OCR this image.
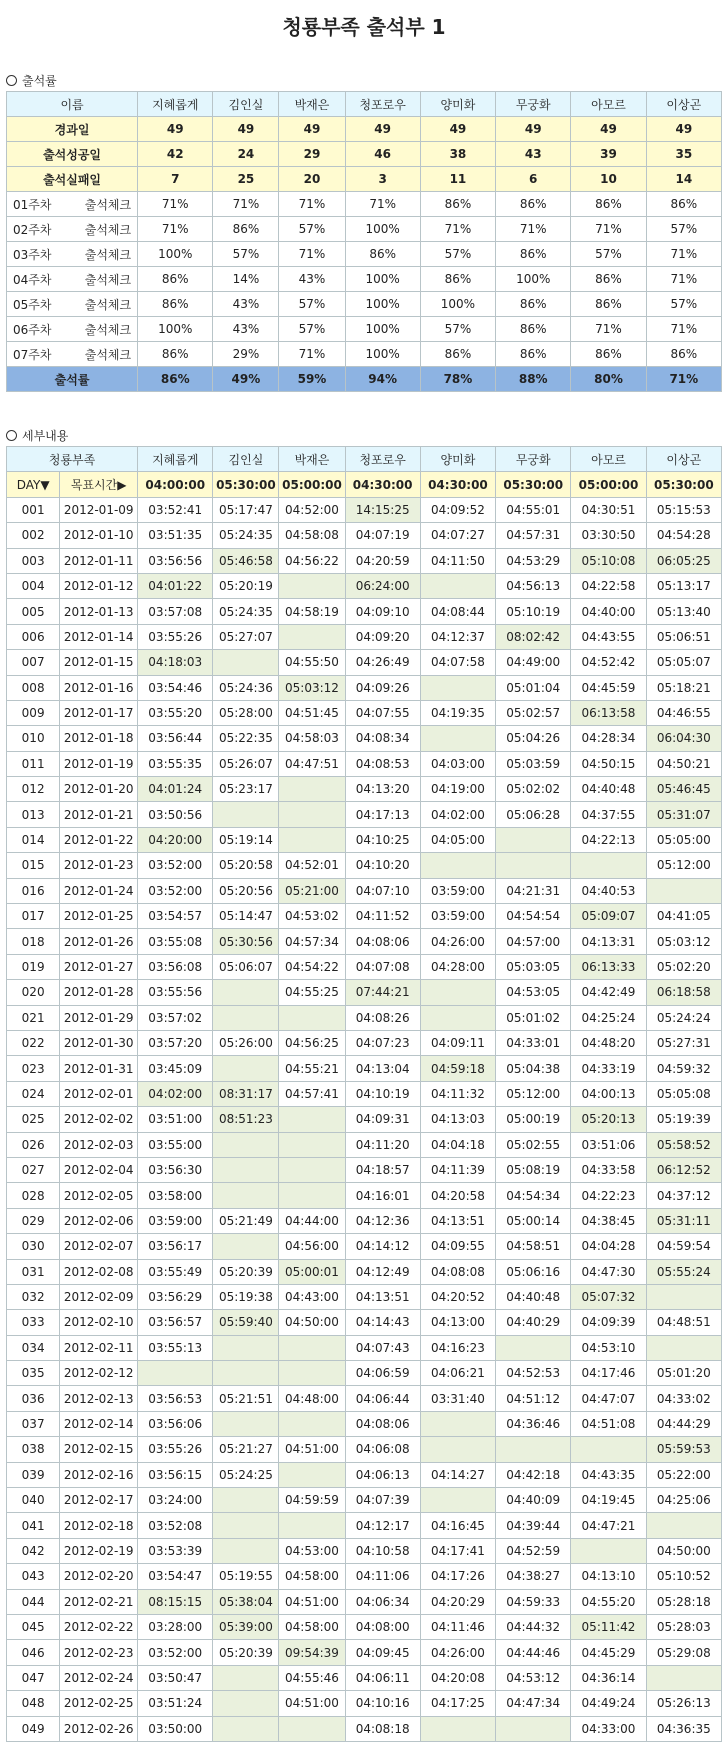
청룡부족 출석부 1
출석률
이름	지혜롭게	김인실	박재은	청포로우	양미화	무궁화	아모르	이상곤
경과일	49	49	49	49	49	49	49	49
출석성공일	42	24	29	46	38	43	39	35
출석실패일	7	25	20	3	11	6	10	14

01주차 출석체크	71%	71%	71%	71%	86%	86%	86%	86%

02주차 출석체크	71%	86%	57%	100%	71%	71%	71%	57%

03주차 출석체크	100%	57%	71%	86%	57%	86%	57%	71%

04주차 출석체크	86%	14%	43%	100%	86%	100%	86%	71%

05주차 출석체크	86%	43%	57%	100%	100%	86%	86%	57%

06주차 출석체크	100%	43%	57%	100%	57%	86%	71%	71%

07주차 출석체크	86%	29%	71%	100%	86%	86%	86%	86%
출석률	86%	49%	59%	94%	78%	88%	80%	71%
세부내용
청룡부족		지혜롭게	김인실	박재은	청포로우	양미화	무궁화	아모르	이상곤
DAY▼	목표시간▶	04:00:00	05:30:00	05:00:00	04:30:00	04:30:00	05:30:00	05:00:00	05:30:00
001	2012-01-09	03:52:41	05:17:47	04:52:00	14:15:25	04:09:52	04:55:01	04:30:51	05:15:53
002	2012-01-10	03:51:35	05:24:35	04:58:08	04:07:19	04:07:27	04:57:31	03:30:50	04:54:28
003	2012-01-11	03:56:56	05:46:58	04:56:22	04:20:59	04:11:50	04:53:29	05:10:08	06:05:25
004	2012-01-12	04:01:22	05:20:19		06:24:00		04:56:13	04:22:58	05:13:17
005	2012-01-13	03:57:08	05:24:35	04:58:19	04:09:10	04:08:44	05:10:19	04:40:00	05:13:40
006	2012-01-14	03:55:26	05:27:07		04:09:20	04:12:37	08:02:42	04:43:55	05:06:51
007	2012-01-15	04:18:03		04:55:50	04:26:49	04:07:58	04:49:00	04:52:42	05:05:07
008	2012-01-16	03:54:46	05:24:36	05:03:12	04:09:26		05:01:04	04:45:59	05:18:21
009	2012-01-17	03:55:20	05:28:00	04:51:45	04:07:55	04:19:35	05:02:57	06:13:58	04:46:55
010	2012-01-18	03:56:44	05:22:35	04:58:03	04:08:34		05:04:26	04:28:34	06:04:30
011	2012-01-19	03:55:35	05:26:07	04:47:51	04:08:53	04:03:00	05:03:59	04:50:15	04:50:21
012	2012-01-20	04:01:24	05:23:17		04:13:20	04:19:00	05:02:02	04:40:48	05:46:45
013	2012-01-21	03:50:56			04:17:13	04:02:00	05:06:28	04:37:55	05:31:07
014	2012-01-22	04:20:00	05:19:14		04:10:25	04:05:00		04:22:13	05:05:00
015	2012-01-23	03:52:00	05:20:58	04:52:01	04:10:20				05:12:00
016	2012-01-24	03:52:00	05:20:56	05:21:00	04:07:10	03:59:00	04:21:31	04:40:53	
017	2012-01-25	03:54:57	05:14:47	04:53:02	04:11:52	03:59:00	04:54:54	05:09:07	04:41:05
018	2012-01-26	03:55:08	05:30:56	04:57:34	04:08:06	04:26:00	04:57:00	04:13:31	05:03:12
019	2012-01-27	03:56:08	05:06:07	04:54:22	04:07:08	04:28:00	05:03:05	06:13:33	05:02:20
020	2012-01-28	03:55:56		04:55:25	07:44:21		04:53:05	04:42:49	06:18:58
021	2012-01-29	03:57:02			04:08:26		05:01:02	04:25:24	05:24:24
022	2012-01-30	03:57:20	05:26:00	04:56:25	04:07:23	04:09:11	04:33:01	04:48:20	05:27:31
023	2012-01-31	03:45:09		04:55:21	04:13:04	04:59:18	05:04:38	04:33:19	04:59:32
024	2012-02-01	04:02:00	08:31:17	04:57:41	04:10:19	04:11:32	05:12:00	04:00:13	05:05:08
025	2012-02-02	03:51:00	08:51:23		04:09:31	04:13:03	05:00:19	05:20:13	05:19:39
026	2012-02-03	03:55:00			04:11:20	04:04:18	05:02:55	03:51:06	05:58:52
027	2012-02-04	03:56:30			04:18:57	04:11:39	05:08:19	04:33:58	06:12:52
028	2012-02-05	03:58:00			04:16:01	04:20:58	04:54:34	04:22:23	04:37:12
029	2012-02-06	03:59:00	05:21:49	04:44:00	04:12:36	04:13:51	05:00:14	04:38:45	05:31:11
030	2012-02-07	03:56:17		04:56:00	04:14:12	04:09:55	04:58:51	04:04:28	04:59:54
031	2012-02-08	03:55:49	05:20:39	05:00:01	04:12:49	04:08:08	05:06:16	04:47:30	05:55:24
032	2012-02-09	03:56:29	05:19:38	04:43:00	04:13:51	04:20:52	04:40:48	05:07:32	
033	2012-02-10	03:56:57	05:59:40	04:50:00	04:14:43	04:13:00	04:40:29	04:09:39	04:48:51
034	2012-02-11	03:55:13			04:07:43	04:16:23		04:53:10	
035	2012-02-12				04:06:59	04:06:21	04:52:53	04:17:46	05:01:20
036	2012-02-13	03:56:53	05:21:51	04:48:00	04:06:44	03:31:40	04:51:12	04:47:07	04:33:02
037	2012-02-14	03:56:06			04:08:06		04:36:46	04:51:08	04:44:29
038	2012-02-15	03:55:26	05:21:27	04:51:00	04:06:08				05:59:53
039	2012-02-16	03:56:15	05:24:25		04:06:13	04:14:27	04:42:18	04:43:35	05:22:00
040	2012-02-17	03:24:00		04:59:59	04:07:39		04:40:09	04:19:45	04:25:06
041	2012-02-18	03:52:08			04:12:17	04:16:45	04:39:44	04:47:21	
042	2012-02-19	03:53:39		04:53:00	04:10:58	04:17:41	04:52:59		04:50:00
043	2012-02-20	03:54:47	05:19:55	04:58:00	04:11:06	04:17:26	04:38:27	04:13:10	05:10:52
044	2012-02-21	08:15:15	05:38:04	04:51:00	04:06:34	04:20:29	04:59:33	04:55:20	05:28:18
045	2012-02-22	03:28:00	05:39:00	04:58:00	04:08:00	04:11:46	04:44:32	05:11:42	05:28:03
046	2012-02-23	03:52:00	05:20:39	09:54:39	04:09:45	04:26:00	04:44:46	04:45:29	05:29:08
047	2012-02-24	03:50:47		04:55:46	04:06:11	04:20:08	04:53:12	04:36:14	
048	2012-02-25	03:51:24		04:51:00	04:10:16	04:17:25	04:47:34	04:49:24	05:26:13
049	2012-02-26	03:50:00			04:08:18			04:33:00	04:36:35
